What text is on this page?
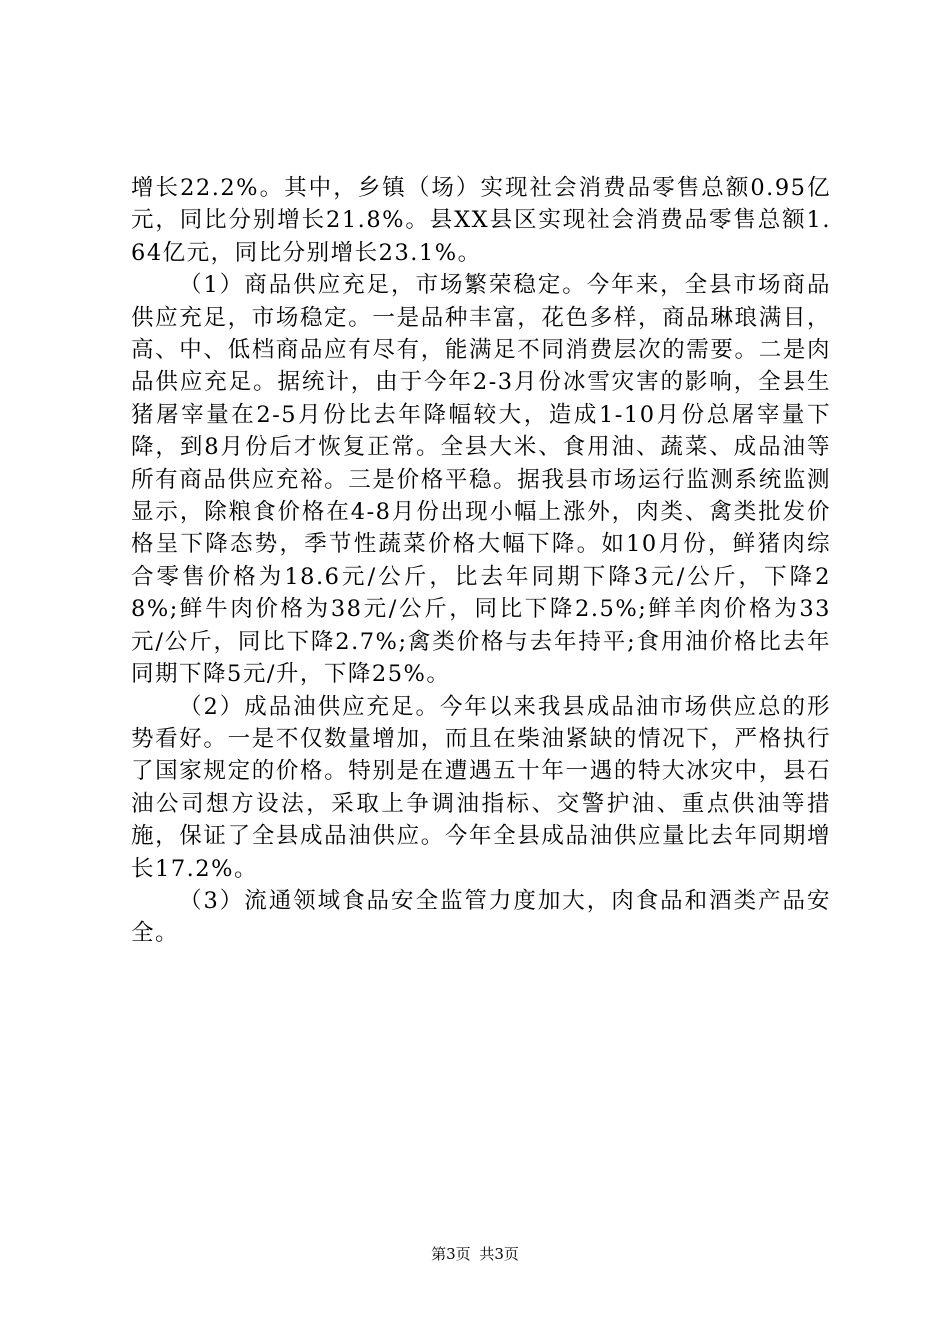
增长22.2%。其中，乡镇（场）实现社会消费品零售总额0.95亿元，同比分别增长21.8%。县XX县区实现社会消费品零售总额1.64亿元，同比分别增长23.1%。

（1）商品供应充足，市场繁荣稳定。今年来，全县市场商品供应充足，市场稳定。一是品种丰富，花色多样，商品琳琅满目，高、中、低档商品应有尽有，能满足不同消费层次的需要。二是肉品供应充足。据统计，由于今年2-3月份冰雪灾害的影响，全县生猪屠宰量在2-5月份比去年降幅较大，造成1-10月份总屠宰量下降，到8月份后才恢复正常。全县大米、食用油、蔬菜、成品油等所有商品供应充裕。三是价格平稳。据我县市场运行监测系统监测显示，除粮食价格在4-8月份出现小幅上涨外，肉类、禽类批发价格呈下降态势，季节性蔬菜价格大幅下降。如10月份，鲜猪肉综合零售价格为18.6元/公斤，比去年同期下降3元/公斤，下降28%;鲜牛肉价格为38元/公斤，同比下降2.5%;鲜羊肉价格为33元/公斤，同比下降2.7%;禽类价格与去年持平;食用油价格比去年同期下降5元/升，下降25%。

（2）成品油供应充足。今年以来我县成品油市场供应总的形势看好。一是不仅数量增加，而且在柴油紧缺的情况下，严格执行了国家规定的价格。特别是在遭遇五十年一遇的特大冰灾中，县石油公司想方设法，采取上争调油指标、交警护油、重点供油等措施，保证了全县成品油供应。今年全县成品油供应量比去年同期增长17.2%。

（3）流通领域食品安全监管力度加大，肉食品和酒类产品安全。

第3页 共3页
